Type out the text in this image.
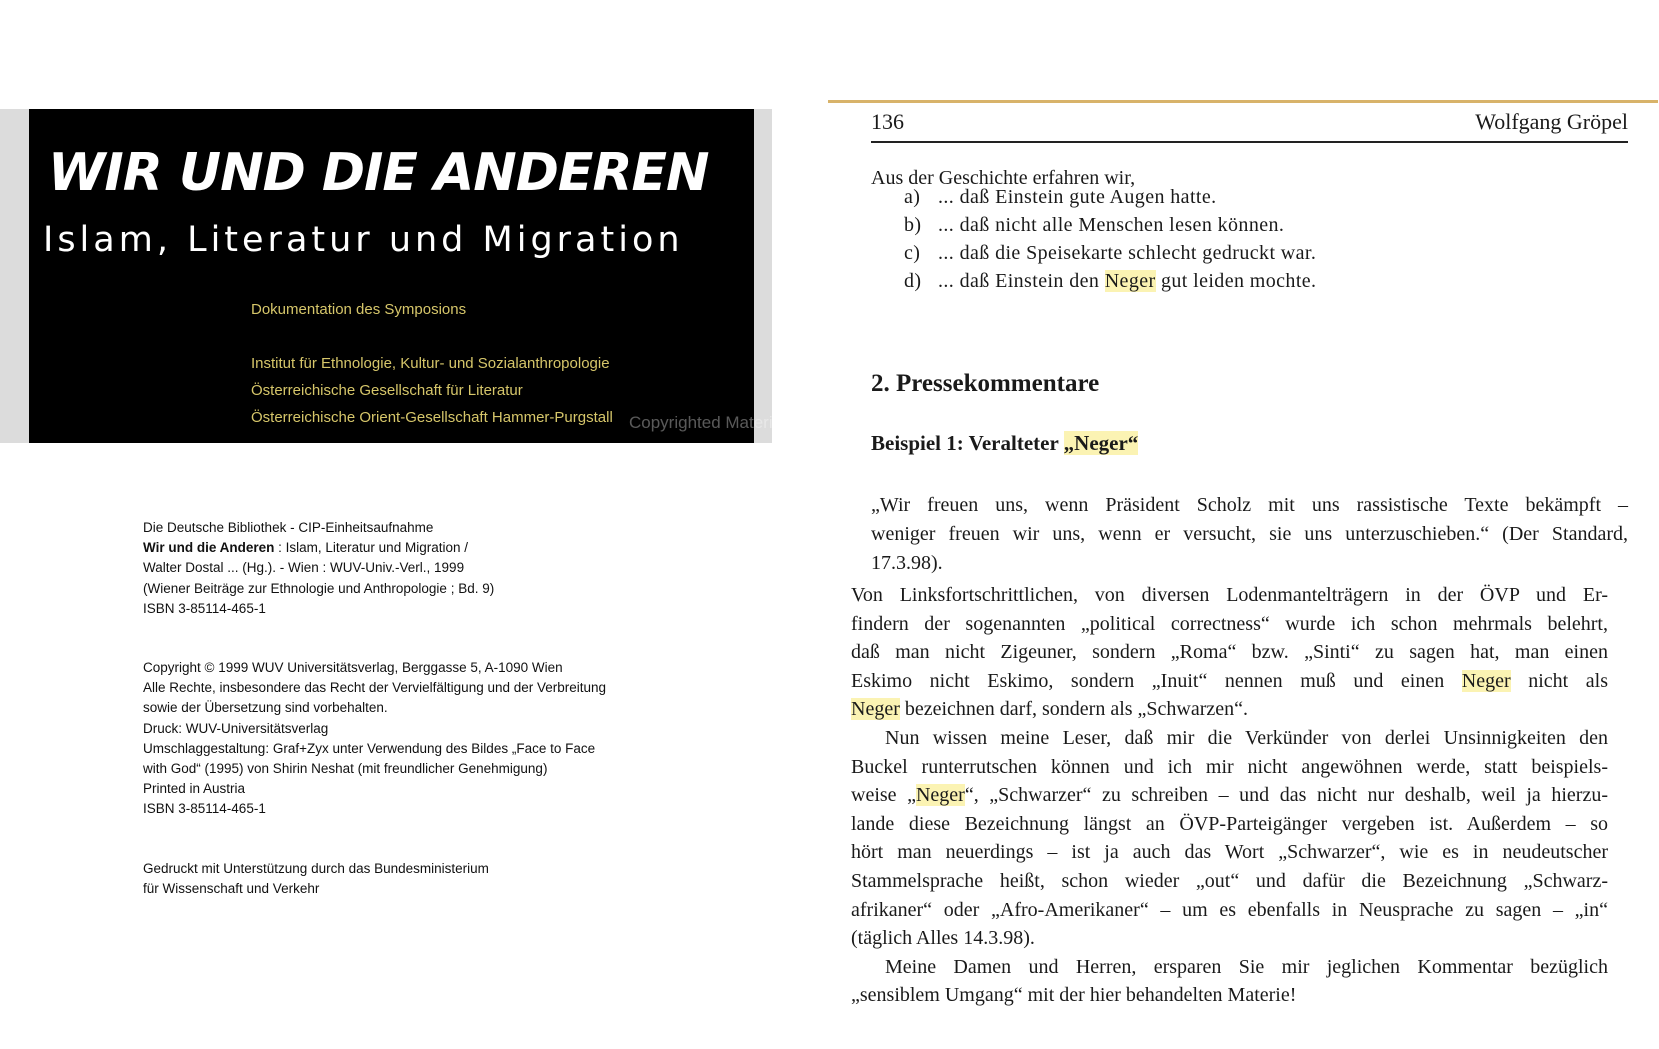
WIR UND DIE ANDEREN
Islam, Literatur und Migration
Dokumentation des Symposions
Institut für Ethnologie, Kultur- und Sozialanthropologie
Österreichische Gesellschaft für Literatur
Österreichische Orient-Gesellschaft Hammer-Purgstall Copyrighted Material
Die Deutsche Bibliothek - CIP-Einheitsaufnahme
Wir und die Anderen : Islam, Literatur und Migration /
Walter Dostal ... (Hg.). - Wien : WUV-Univ.-Verl., 1999
(Wiener Beiträge zur Ethnologie und Anthropologie ; Bd. 9)
ISBN 3-85114-465-1
Copyright © 1999 WUV Universitätsverlag, Berggasse 5, A-1090 Wien
Alle Rechte, insbesondere das Recht der Vervielfältigung und der Verbreitung
sowie der Übersetzung sind vorbehalten.
Druck: WUV-Universitätsverlag
Umschlaggestaltung: Graf+Zyx unter Verwendung des Bildes „Face to Face
with God“ (1995) von Shirin Neshat (mit freundlicher Genehmigung)
Printed in Austria
ISBN 3-85114-465-1
Gedruckt mit Unterstützung durch das Bundesministerium
für Wissenschaft und Verkehr
136	Wolfgang Gröpel
Aus der Geschichte erfahren wir,
a) ... daß Einstein gute Augen hatte.
b) ... daß nicht alle Menschen lesen können.
c) ... daß die Speisekarte schlecht gedruckt war.
d) ... daß Einstein den Neger gut leiden mochte.
2. Pressekommentare
Beispiel 1: Veralteter „Neger“
„Wir freuen uns, wenn Präsident Scholz mit uns rassistische Texte bekämpft –
weniger freuen wir uns, wenn er versucht, sie uns unterzuschieben.“ (Der Standard,
17.3.98).
Von Linksfortschrittlichen, von diversen Lodenmantelträgern in der ÖVP und Er-
findern der sogenannten „political correctness“ wurde ich schon mehrmals belehrt,
daß man nicht Zigeuner, sondern „Roma“ bzw. „Sinti“ zu sagen hat, man einen
Eskimo nicht Eskimo, sondern „Inuit“ nennen muß und einen Neger nicht als
Neger bezeichnen darf, sondern als „Schwarzen“.
Nun wissen meine Leser, daß mir die Verkünder von derlei Unsinnigkeiten den
Buckel runterrutschen können und ich mir nicht angewöhnen werde, statt beispiels-
weise „Neger“, „Schwarzer“ zu schreiben – und das nicht nur deshalb, weil ja hierzu-
lande diese Bezeichnung längst an ÖVP-Parteigänger vergeben ist. Außerdem – so
hört man neuerdings – ist ja auch das Wort „Schwarzer“, wie es in neudeutscher
Stammelsprache heißt, schon wieder „out“ und dafür die Bezeichnung „Schwarz-
afrikaner“ oder „Afro-Amerikaner“ – um es ebenfalls in Neusprache zu sagen – „in“
(täglich Alles 14.3.98).
Meine Damen und Herren, ersparen Sie mir jeglichen Kommentar bezüglich
„sensiblem Umgang“ mit der hier behandelten Materie!
